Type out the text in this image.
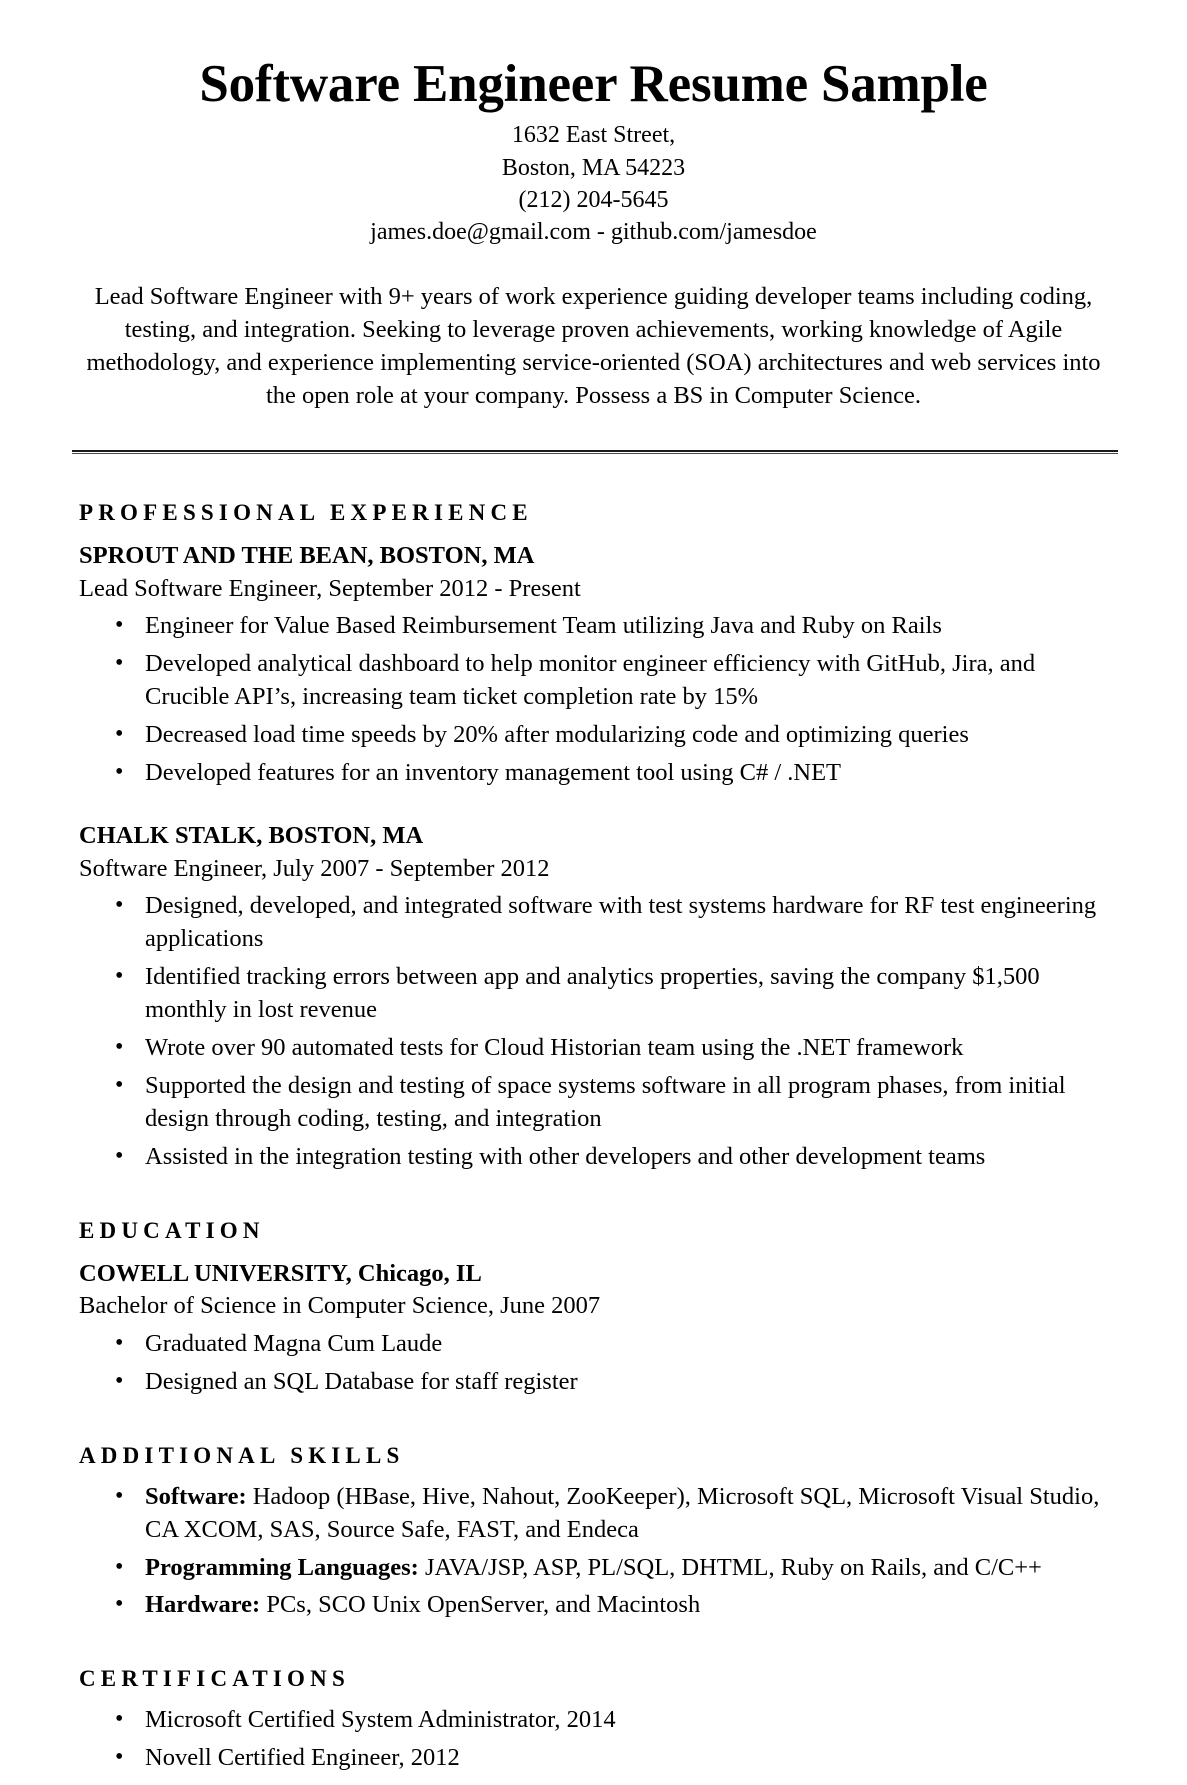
Software Engineer Resume Sample
1632 East Street,
Boston, MA 54223
(212) 204-5645
james.doe@gmail.com - github.com/jamesdoe

Lead Software Engineer with 9+ years of work experience guiding developer teams including coding, testing, and integration. Seeking to leverage proven achievements, working knowledge of Agile methodology, and experience implementing service-oriented (SOA) architectures and web services into the open role at your company. Possess a BS in Computer Science.

PROFESSIONAL EXPERIENCE
SPROUT AND THE BEAN, BOSTON, MA
Lead Software Engineer, September 2012 - Present
• Engineer for Value Based Reimbursement Team utilizing Java and Ruby on Rails
• Developed analytical dashboard to help monitor engineer efficiency with GitHub, Jira, and Crucible API’s, increasing team ticket completion rate by 15%
• Decreased load time speeds by 20% after modularizing code and optimizing queries
• Developed features for an inventory management tool using C# / .NET
CHALK STALK, BOSTON, MA
Software Engineer, July 2007 - September 2012
• Designed, developed, and integrated software with test systems hardware for RF test engineering applications
• Identified tracking errors between app and analytics properties, saving the company $1,500 monthly in lost revenue
• Wrote over 90 automated tests for Cloud Historian team using the .NET framework
• Supported the design and testing of space systems software in all program phases, from initial design through coding, testing, and integration
• Assisted in the integration testing with other developers and other development teams
EDUCATION
COWELL UNIVERSITY, Chicago, IL
Bachelor of Science in Computer Science, June 2007
• Graduated Magna Cum Laude
• Designed an SQL Database for staff register
ADDITIONAL SKILLS
• Software: Hadoop (HBase, Hive, Nahout, ZooKeeper), Microsoft SQL, Microsoft Visual Studio, CA XCOM, SAS, Source Safe, FAST, and Endeca
• Programming Languages: JAVA/JSP, ASP, PL/SQL, DHTML, Ruby on Rails, and C/C++
• Hardware: PCs, SCO Unix OpenServer, and Macintosh
CERTIFICATIONS
• Microsoft Certified System Administrator, 2014
• Novell Certified Engineer, 2012
